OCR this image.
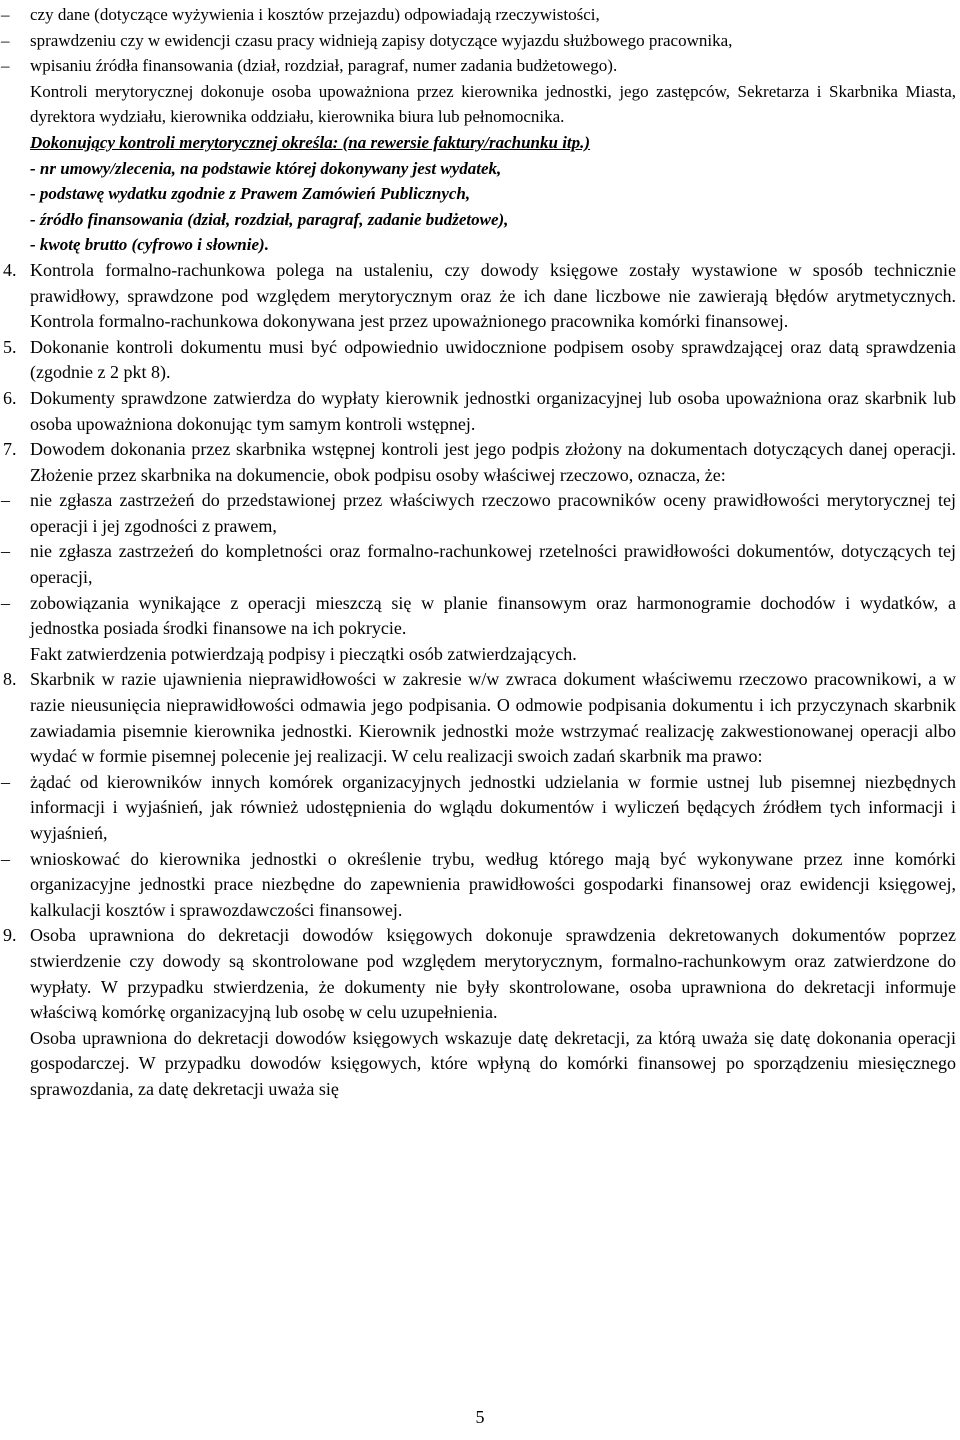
–	czy dane (dotyczące wyżywienia i kosztów przejazdu) odpowiadają rzeczywistości,

–	sprawdzeniu czy w ewidencji czasu pracy widnieją zapisy dotyczące wyjazdu służbowego pracownika,

–	wpisaniu źródła finansowania (dział, rozdział, paragraf, numer zadania budżetowego).

Kontroli merytorycznej dokonuje osoba upoważniona przez kierownika jednostki, jego zastępców, Sekretarza i Skarbnika Miasta, dyrektora wydziału, kierownika oddziału, kierownika biura lub pełnomocnika.

Dokonujący kontroli merytorycznej określa: (na rewersie faktury/rachunku itp.)

- nr umowy/zlecenia, na podstawie której dokonywany jest wydatek,

- podstawę wydatku zgodnie z Prawem Zamówień Publicznych,

- źródło finansowania (dział, rozdział, paragraf, zadanie budżetowe),

- kwotę brutto (cyfrowo i słownie).

4. Kontrola formalno-rachunkowa polega na ustaleniu, czy dowody księgowe zostały wystawione w sposób technicznie prawidłowy, sprawdzone pod względem merytorycznym oraz że ich dane liczbowe nie zawierają błędów arytmetycznych. Kontrola formalno-rachunkowa dokonywana jest przez upoważnionego pracownika komórki finansowej.

5. Dokonanie kontroli dokumentu musi być odpowiednio uwidocznione podpisem osoby sprawdzającej oraz datą sprawdzenia (zgodnie z 2 pkt 8).

6. Dokumenty sprawdzone zatwierdza do wypłaty kierownik jednostki organizacyjnej lub osoba upoważniona oraz skarbnik lub osoba upoważniona dokonując tym samym kontroli wstępnej.

7. Dowodem dokonania przez skarbnika wstępnej kontroli jest jego podpis złożony na dokumentach dotyczących danej operacji. Złożenie przez skarbnika na dokumencie, obok podpisu osoby właściwej rzeczowo, oznacza, że:

–	nie zgłasza zastrzeżeń do przedstawionej przez właściwych rzeczowo pracowników oceny prawidłowości merytorycznej tej operacji i jej zgodności z prawem,

–	nie zgłasza zastrzeżeń do kompletności oraz formalno-rachunkowej rzetelności prawidłowości dokumentów, dotyczących tej operacji,

–	zobowiązania wynikające z operacji mieszczą się w planie finansowym oraz harmonogramie dochodów i wydatków, a jednostka posiada środki finansowe na ich pokrycie.

Fakt zatwierdzenia potwierdzają podpisy i pieczątki osób zatwierdzających.

8. Skarbnik w razie ujawnienia nieprawidłowości w zakresie w/w zwraca dokument właściwemu rzeczowo pracownikowi, a w razie nieusunięcia nieprawidłowości odmawia jego podpisania. O odmowie podpisania dokumentu i ich przyczynach skarbnik zawiadamia pisemnie kierownika jednostki. Kierownik jednostki może wstrzymać realizację zakwestionowanej operacji albo wydać w formie pisemnej polecenie jej realizacji. W celu realizacji swoich zadań skarbnik ma prawo:

–	żądać od kierowników innych komórek organizacyjnych jednostki udzielania w formie ustnej lub pisemnej niezbędnych informacji i wyjaśnień, jak również udostępnienia do wglądu dokumentów i wyliczeń będących źródłem tych informacji i wyjaśnień,

–	wnioskować do kierownika jednostki o określenie trybu, według którego mają być wykonywane przez inne komórki organizacyjne jednostki prace niezbędne do zapewnienia prawidłowości gospodarki finansowej oraz ewidencji księgowej, kalkulacji kosztów i sprawozdawczości finansowej.

9. Osoba uprawniona do dekretacji dowodów księgowych dokonuje sprawdzenia dekretowanych dokumentów poprzez stwierdzenie czy dowody są skontrolowane pod względem merytorycznym, formalno-rachunkowym oraz zatwierdzone do wypłaty. W przypadku stwierdzenia, że dokumenty nie były skontrolowane, osoba uprawniona do dekretacji informuje właściwą komórkę organizacyjną lub osobę w celu uzupełnienia.

Osoba uprawniona do dekretacji dowodów księgowych wskazuje datę dekretacji, za którą uważa się datę dokonania operacji gospodarczej. W przypadku dowodów księgowych, które wpłyną do komórki finansowej po sporządzeniu miesięcznego sprawozdania, za datę dekretacji uważa się

5
